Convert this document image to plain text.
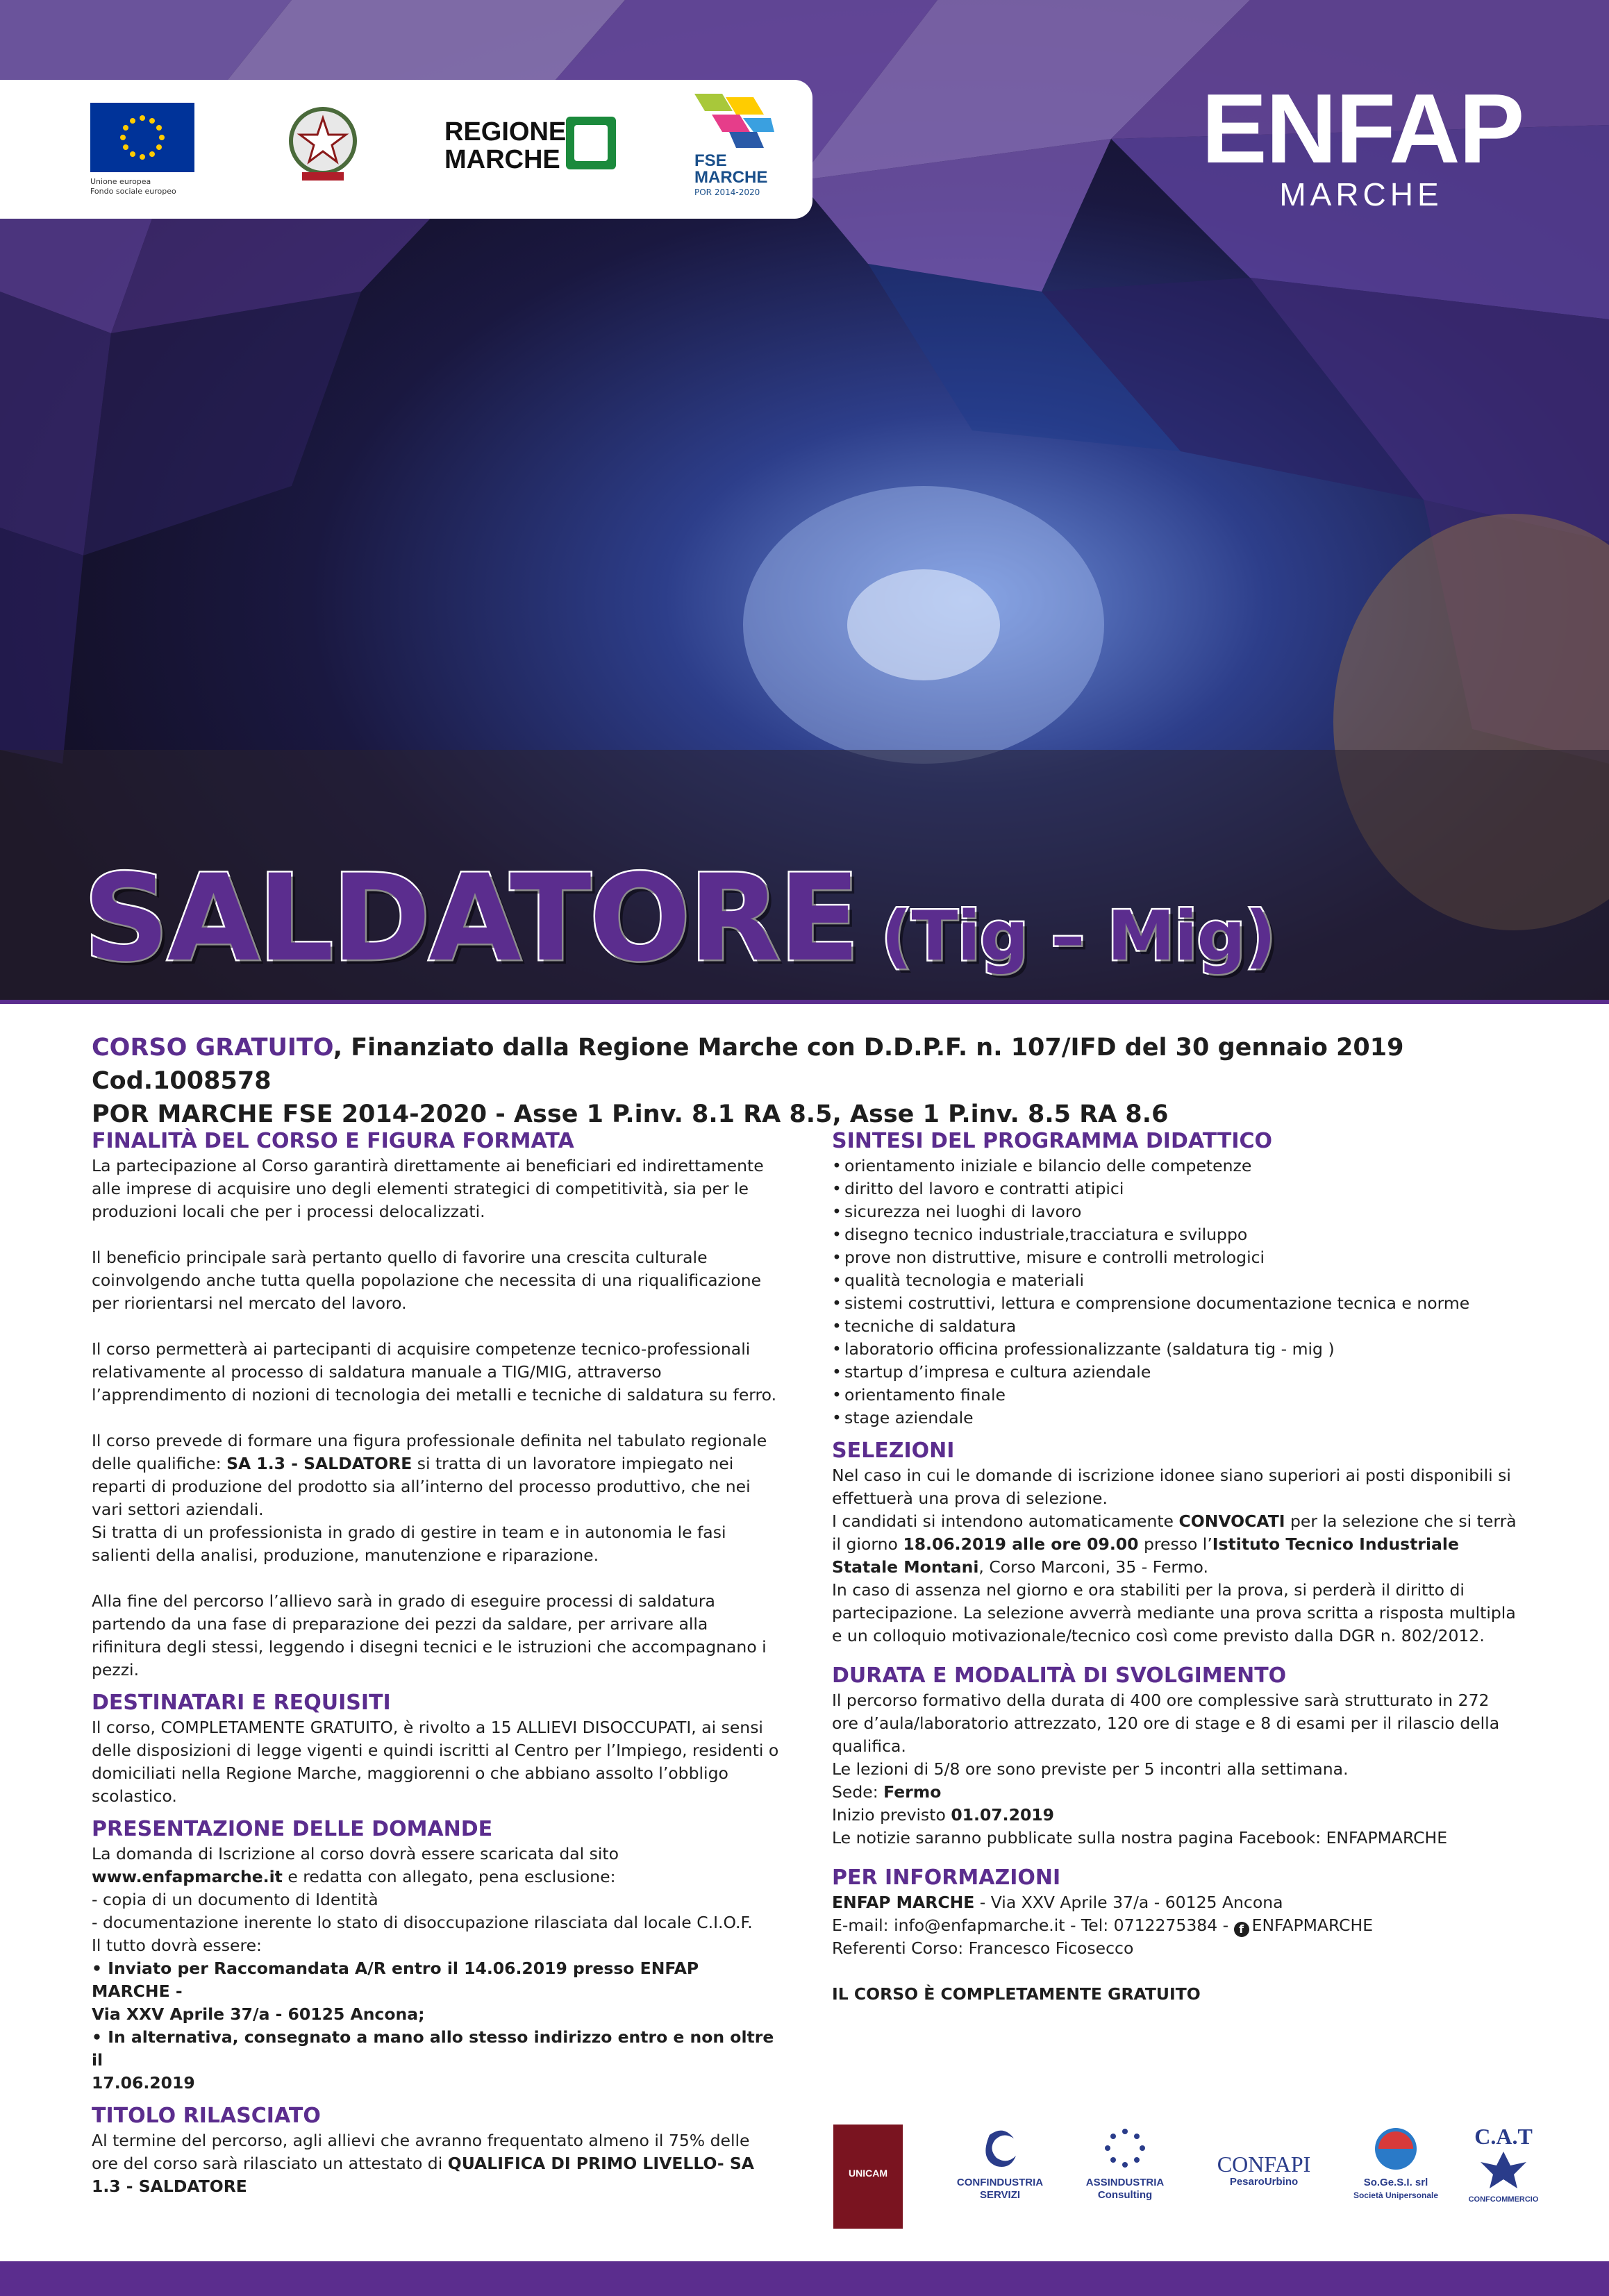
Unione europea
Fondo sociale europeo
REGIONE
MARCHE	FSE
MARCHE
POR 2014-2020
ENFAP
MARCHE
SALDATORE (Tig – Mig)
CORSO GRATUITO, Finanziato dalla Regione Marche con D.D.P.F. n. 107/IFD del 30 gennaio 2019 Cod.1008578
POR MARCHE FSE 2014-2020 - Asse 1 P.inv. 8.1 RA 8.5, Asse 1 P.inv. 8.5 RA 8.6
FINALITÀ DEL CORSO E FIGURA FORMATA

La partecipazione al Corso garantirà direttamente ai beneficiari ed indirettamente alle imprese di acquisire uno degli elementi strategici di competitività, sia per le produzioni locali che per i processi delocalizzati.

Il beneficio principale sarà pertanto quello di favorire una crescita culturale coinvolgendo anche tutta quella popolazione che necessita di una riqualificazione per riorientarsi nel mercato del lavoro.

Il corso permetterà ai partecipanti di acquisire competenze tecnico-professionali relativamente al processo di saldatura manuale a TIG/MIG, attraverso l’apprendimento di nozioni di tecnologia dei metalli e tecniche di saldatura su ferro.

Il corso prevede di formare una figura professionale definita nel tabulato regionale delle qualifiche: SA 1.3 - SALDATORE si tratta di un lavoratore impiegato nei reparti di produzione del prodotto sia all’interno del processo produttivo, che nei vari settori aziendali.

Si tratta di un professionista in grado di gestire in team e in autonomia le fasi salienti della analisi, produzione, manutenzione e riparazione.

Alla fine del percorso l’allievo sarà in grado di eseguire processi di saldatura partendo da una fase di preparazione dei pezzi da saldare, per arrivare alla rifinitura degli stessi, leggendo i disegni tecnici e le istruzioni che accompagnano i pezzi.

DESTINATARI E REQUISITI

Il corso, COMPLETAMENTE GRATUITO, è rivolto a 15 ALLIEVI DISOCCUPATI, ai sensi delle disposizioni di legge vigenti e quindi iscritti al Centro per l’Impiego, residenti o domiciliati nella Regione Marche, maggiorenni o che abbiano assolto l’obbligo scolastico.

PRESENTAZIONE DELLE DOMANDE

La domanda di Iscrizione al corso dovrà essere scaricata dal sito

www.enfapmarche.it e redatta con allegato, pena esclusione:

- copia di un documento di Identità

- documentazione inerente lo stato di disoccupazione rilasciata dal locale C.I.O.F.

Il tutto dovrà essere:

• Inviato per Raccomandata A/R entro il 14.06.2019 presso ENFAP MARCHE -
Via XXV Aprile 37/a - 60125 Ancona;

• In alternativa, consegnato a mano allo stesso indirizzo entro e non oltre il
17.06.2019

TITOLO RILASCIATO

Al termine del percorso, agli allievi che avranno frequentato almeno il 75% delle ore del corso sarà rilasciato un attestato di QUALIFICA DI PRIMO LIVELLO- SA 1.3 - SALDATORE

SINTESI DEL PROGRAMMA DIDATTICO
• orientamento iniziale e bilancio delle competenze
• diritto del lavoro e contratti atipici
• sicurezza nei luoghi di lavoro
• disegno tecnico industriale,tracciatura e sviluppo
• prove non distruttive, misure e controlli metrologici
• qualità tecnologia e materiali
• sistemi costruttivi, lettura e comprensione documentazione tecnica e norme
• tecniche di saldatura
• laboratorio officina professionalizzante (saldatura tig - mig )
• startup d’impresa e cultura aziendale
• orientamento finale
• stage aziendale
SELEZIONI

Nel caso in cui le domande di iscrizione idonee siano superiori ai posti disponibili si effettuerà una prova di selezione.

I candidati si intendono automaticamente CONVOCATI per la selezione che si terrà il giorno 18.06.2019 alle ore 09.00 presso l’Istituto Tecnico Industriale Statale Montani, Corso Marconi, 35 - Fermo.

In caso di assenza nel giorno e ora stabiliti per la prova, si perderà il diritto di partecipazione. La selezione avverrà mediante una prova scritta a risposta multipla e un colloquio motivazionale/tecnico così come previsto dalla DGR n. 802/2012.

DURATA E MODALITÀ DI SVOLGIMENTO

Il percorso formativo della durata di 400 ore complessive sarà strutturato in 272 ore d’aula/laboratorio attrezzato, 120 ore di stage e 8 di esami per il rilascio della qualifica.

Le lezioni di 5/8 ore sono previste per 5 incontri alla settimana.

Sede: Fermo

Inizio previsto 01.07.2019

Le notizie saranno pubblicate sulla nostra pagina Facebook: ENFAPMARCHE

PER INFORMAZIONI

ENFAP MARCHE - Via XXV Aprile 37/a - 60125 Ancona

E-mail: info@enfapmarche.it - Tel: 0712275384 - f ENFAPMARCHE

Referenti Corso: Francesco Ficosecco

IL CORSO È COMPLETAMENTE GRATUITO

UNICAM
CONFINDUSTRIA
SERVIZI
ASSINDUSTRIA
Consulting
CONFAPI
PesaroUrbino	So.Ge.S.I. srl
Società Unipersonale
C.A.T
CONFCOMMERCIO
